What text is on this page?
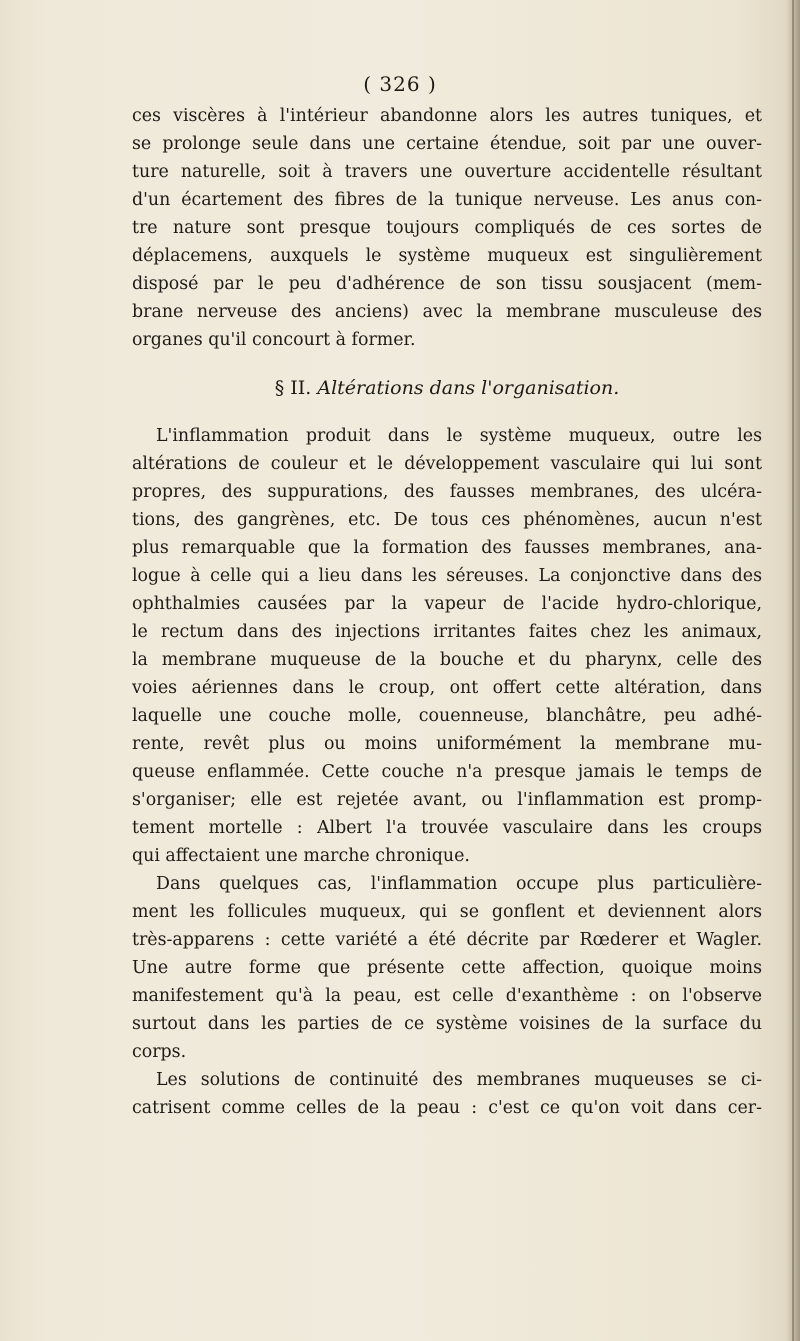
( 326 )
ces viscères à l'intérieur abandonne alors les autres tuniques, et
se prolonge seule dans une certaine étendue, soit par une ouver-
ture naturelle, soit à travers une ouverture accidentelle résultant
d'un écartement des fibres de la tunique nerveuse. Les anus con-
tre nature sont presque toujours compliqués de ces sortes de
déplacemens, auxquels le système muqueux est singulièrement
disposé par le peu d'adhérence de son tissu sousjacent (mem-
brane nerveuse des anciens) avec la membrane musculeuse des
organes qu'il concourt à former.
§ II. Altérations dans l'organisation.
L'inflammation produit dans le système muqueux, outre les
altérations de couleur et le développement vasculaire qui lui sont
propres, des suppurations, des fausses membranes, des ulcéra-
tions, des gangrènes, etc. De tous ces phénomènes, aucun n'est
plus remarquable que la formation des fausses membranes, ana-
logue à celle qui a lieu dans les séreuses. La conjonctive dans des
ophthalmies causées par la vapeur de l'acide hydro-chlorique,
le rectum dans des injections irritantes faites chez les animaux,
la membrane muqueuse de la bouche et du pharynx, celle des
voies aériennes dans le croup, ont offert cette altération, dans
laquelle une couche molle, couenneuse, blanchâtre, peu adhé-
rente, revêt plus ou moins uniformément la membrane mu-
queuse enflammée. Cette couche n'a presque jamais le temps de
s'organiser; elle est rejetée avant, ou l'inflammation est promp-
tement mortelle : Albert l'a trouvée vasculaire dans les croups
qui affectaient une marche chronique.
Dans quelques cas, l'inflammation occupe plus particulière-
ment les follicules muqueux, qui se gonflent et deviennent alors
très-apparens : cette variété a été décrite par Rœderer et Wagler.
Une autre forme que présente cette affection, quoique moins
manifestement qu'à la peau, est celle d'exanthème : on l'observe
surtout dans les parties de ce système voisines de la surface du
corps.
Les solutions de continuité des membranes muqueuses se ci-
catrisent comme celles de la peau : c'est ce qu'on voit dans cer-
